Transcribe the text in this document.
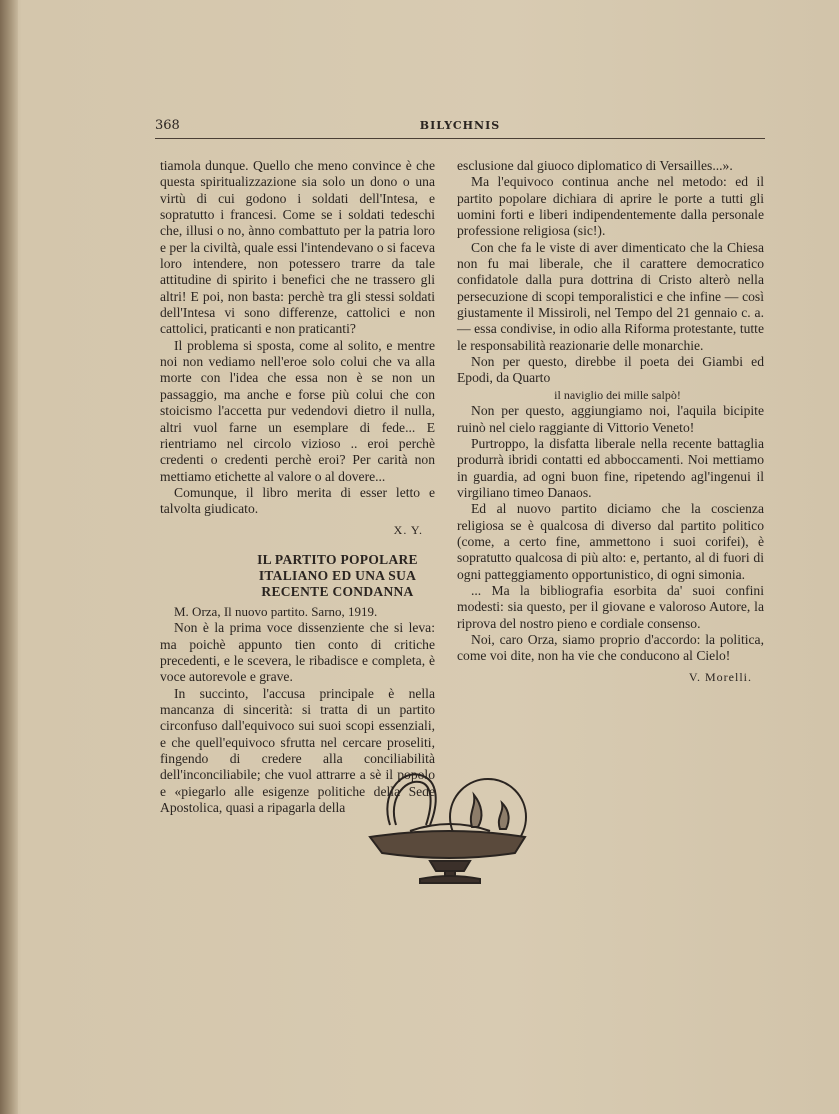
368	BILYCHNIS

tiamola dunque. Quello che meno convince è che questa spiritualizzazione sia solo un dono o una virtù di cui godono i soldati dell'Intesa, e sopratutto i francesi. Come se i soldati tedeschi che, illusi o no, ànno combattuto per la patria loro e per la civiltà, quale essi l'intendevano o si faceva loro intendere, non potessero trarre da tale attitudine di spirito i benefici che ne trassero gli altri! E poi, non basta: perchè tra gli stessi soldati dell'Intesa vi sono differenze, cattolici e non cattolici, praticanti e non praticanti?

Il problema si sposta, come al solito, e mentre noi non vediamo nell'eroe solo colui che va alla morte con l'idea che essa non è se non un passaggio, ma anche e forse più colui che con stoicismo l'accetta pur vedendovi dietro il nulla, altri vuol farne un esemplare di fede... E rientriamo nel circolo vizioso .. eroi perchè credenti o credenti perchè eroi? Per carità non mettiamo etichette al valore o al dovere...

Comunque, il libro merita di esser letto e talvolta giudicato.

X. Y.
IL PARTITO POPOLARE ITALIANO ED UNA SUA RECENTE CONDANNA

M. Orza, Il nuovo partito. Sarno, 1919.

Non è la prima voce dissenziente che si leva: ma poichè appunto tien conto di critiche precedenti, e le scevera, le ribadisce e completa, è voce autorevole e grave.

In succinto, l'accusa principale è nella mancanza di sincerità: si tratta di un partito circonfuso dall'equivoco sui suoi scopi essenziali, e che quell'equivoco sfrutta nel cercare proseliti, fingendo di credere alla conciliabilità dell'inconciliabile; che vuol attrarre a sè il popolo e «piegarlo alle esigenze politiche della Sede Apostolica, quasi a ripagarla della

esclusione dal giuoco diplomatico di Versailles...».

Ma l'equivoco continua anche nel metodo: ed il partito popolare dichiara di aprire le porte a tutti gli uomini forti e liberi indipendentemente dalla personale professione religiosa (sic!).

Con che fa le viste di aver dimenticato che la Chiesa non fu mai liberale, che il carattere democratico confidatole dalla pura dottrina di Cristo alterò nella persecuzione di scopi temporalistici e che infine — così giustamente il Missiroli, nel Tempo del 21 gennaio c. a. — essa condivise, in odio alla Riforma protestante, tutte le responsabilità reazionarie delle monarchie.

Non per questo, direbbe il poeta dei Giambi ed Epodi, da Quarto

il naviglio dei mille salpò!

Non per questo, aggiungiamo noi, l'aquila bicipite ruinò nel cielo raggiante di Vittorio Veneto!

Purtroppo, la disfatta liberale nella recente battaglia produrrà ibridi contatti ed abboccamenti. Noi mettiamo in guardia, ad ogni buon fine, ripetendo agl'ingenui il virgiliano timeo Danaos.

Ed al nuovo partito diciamo che la coscienza religiosa se è qualcosa di diverso dal partito politico (come, a certo fine, ammettono i suoi corifei), è sopratutto qualcosa di più alto: e, pertanto, al di fuori di ogni patteggiamento opportunistico, di ogni simonia.

... Ma la bibliografia esorbita da' suoi confini modesti: sia questo, per il giovane e valoroso Autore, la riprova del nostro pieno e cordiale consenso.

Noi, caro Orza, siamo proprio d'accordo: la politica, come voi dite, non ha vie che conducono al Cielo!

V. Morelli.
